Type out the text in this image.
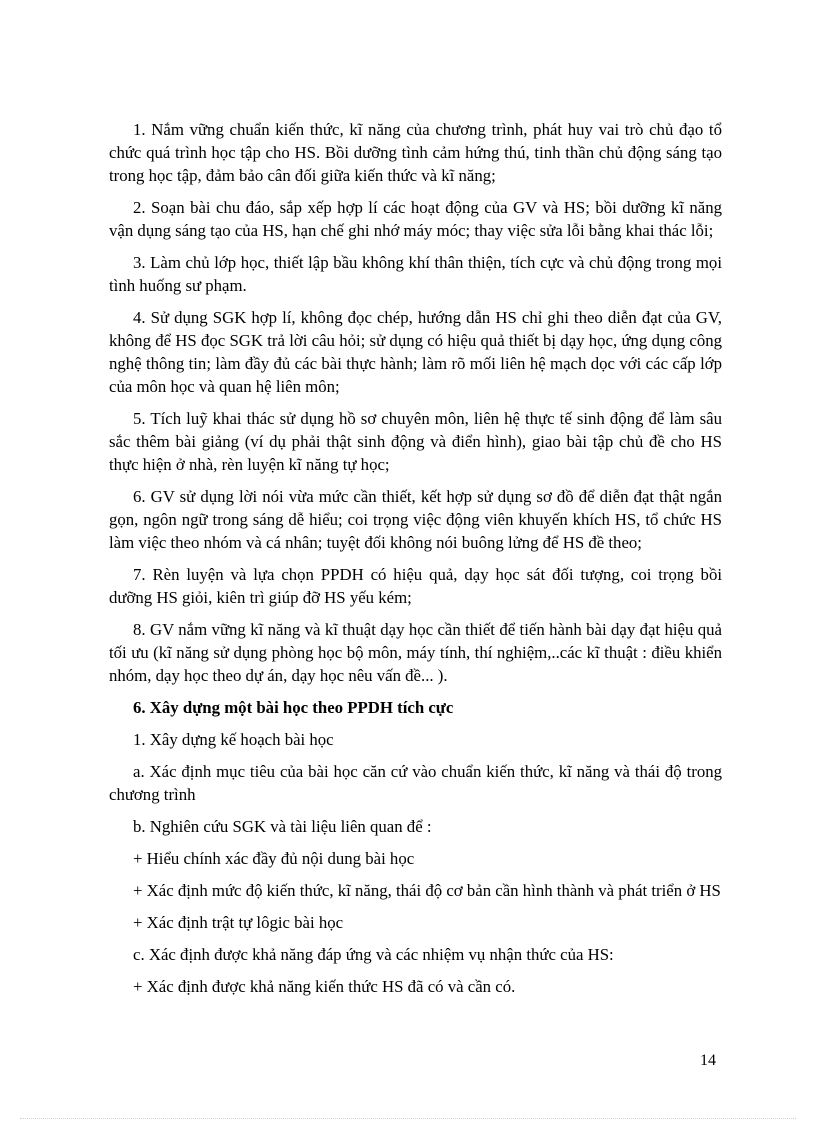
1. Nắm vững chuẩn kiến thức, kĩ năng của chương trình, phát huy vai trò chủ đạo tổ chức quá trình học tập cho HS. Bồi dưỡng tình cảm hứng thú, tinh thần chủ động sáng tạo trong học tập, đảm bảo cân đối giữa kiến thức và kĩ năng;

2. Soạn bài chu đáo, sắp xếp hợp lí các hoạt động của GV và HS; bồi dưỡng kĩ năng vận dụng sáng tạo của HS, hạn chế ghi nhớ máy móc; thay việc sửa lỗi bằng khai thác lỗi;

3. Làm chủ lớp học, thiết lập bầu không khí thân thiện, tích cực và chủ động trong mọi tình huống sư phạm.

4. Sử dụng SGK hợp lí, không đọc chép, hướng dẫn HS chỉ ghi theo diễn đạt của GV, không để HS đọc SGK trả lời câu hỏi; sử dụng có hiệu quả thiết bị dạy học, ứng dụng công nghệ thông tin; làm đầy đủ các bài thực hành; làm rõ mối liên hệ mạch dọc với các cấp lớp của môn học và quan hệ liên môn;

5. Tích luỹ khai thác sử dụng hồ sơ chuyên môn, liên hệ thực tế sinh động để làm sâu sắc thêm bài giảng (ví dụ phải thật sinh động và điển hình), giao bài tập chủ đề cho HS thực hiện ở nhà, rèn luyện kĩ năng tự học;

6. GV sử dụng lời nói vừa mức cần thiết, kết hợp sử dụng sơ đồ để diễn đạt thật ngắn gọn, ngôn ngữ trong sáng dễ hiểu; coi trọng việc động viên khuyến khích HS, tổ chức HS làm việc theo nhóm và cá nhân; tuyệt đối không nói buông lửng để HS đề theo;

7. Rèn luyện và lựa chọn PPDH có hiệu quả, dạy học sát đối tượng, coi trọng bồi dưỡng HS giỏi, kiên trì giúp đỡ HS yếu kém;

8. GV nắm vững kĩ năng và kĩ thuật dạy học cần thiết để tiến hành bài dạy đạt hiệu quả tối ưu (kĩ năng sử dụng phòng học bộ môn, máy tính, thí nghiệm,..các kĩ thuật : điều khiển nhóm, dạy học theo dự án, dạy học nêu vấn đề... ).

6. Xây dựng một bài học theo PPDH tích cực

1. Xây dựng kế hoạch bài học

a. Xác định mục tiêu của bài học căn cứ vào chuẩn kiến thức, kĩ năng và thái độ trong chương trình

b. Nghiên cứu SGK và tài liệu liên quan để :

+ Hiểu chính xác đầy đủ nội dung bài học

+ Xác định mức độ kiến thức, kĩ năng, thái độ cơ bản cần hình thành và phát triển ở HS

+ Xác định trật tự lôgic bài học

c. Xác định được khả năng đáp ứng và các nhiệm vụ nhận thức của HS:

+ Xác định được khả năng kiến thức HS đã có và cần có.

14
